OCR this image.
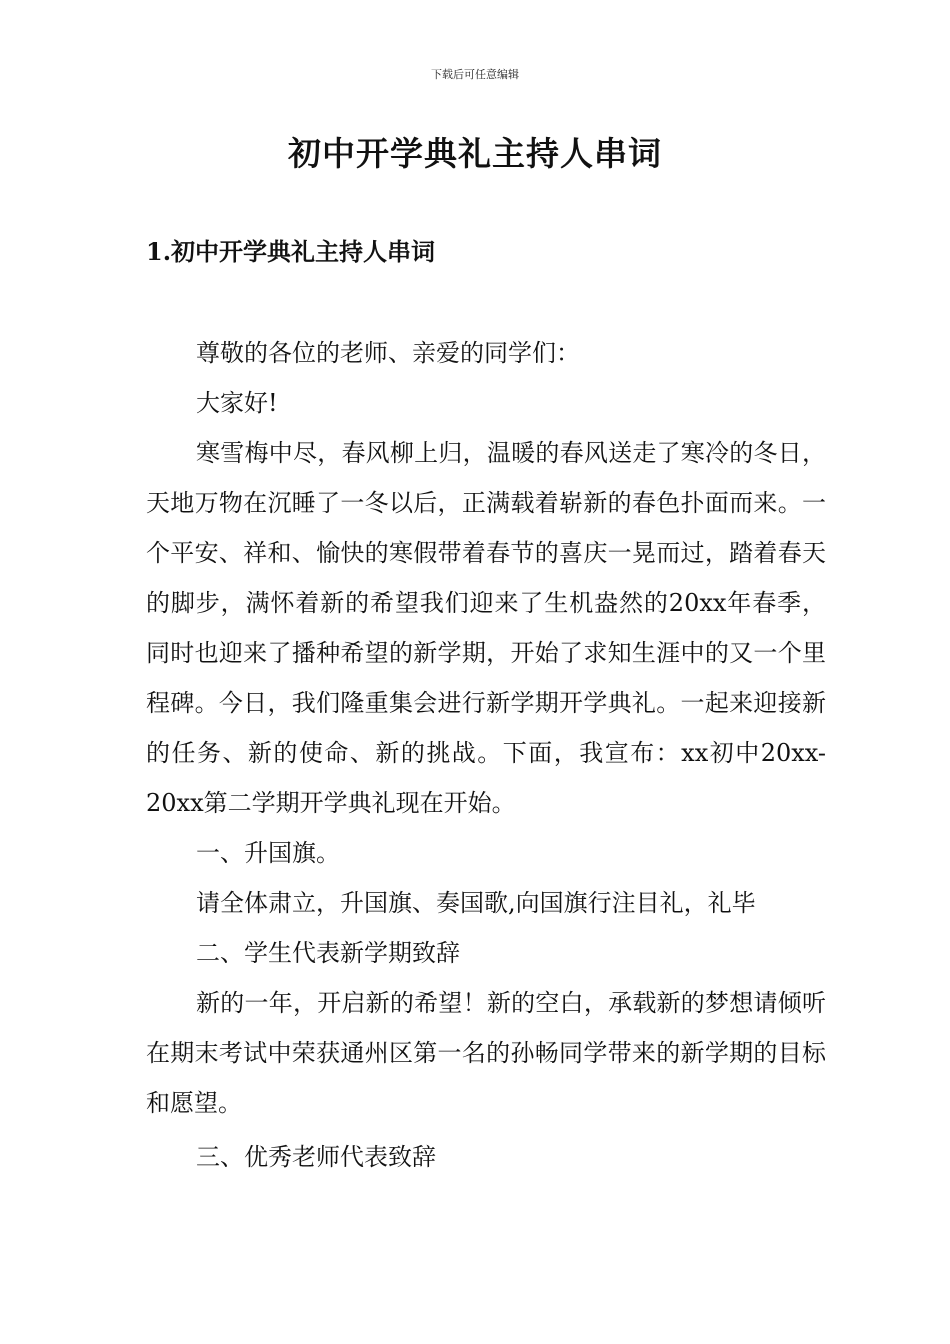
下载后可任意编辑
初中开学典礼主持人串词
1.初中开学典礼主持人串词

尊敬的各位的老师、亲爱的同学们：

大家好!

寒雪梅中尽，春风柳上归，温暖的春风送走了寒冷的冬日，天地万物在沉睡了一冬以后，正满载着崭新的春色扑面而来。一个平安、祥和、愉快的寒假带着春节的喜庆一晃而过，踏着春天的脚步，满怀着新的希望我们迎来了生机盎然的20xx年春季，同时也迎来了播种希望的新学期，开始了求知生涯中的又一个里程碑。今日，我们隆重集会进行新学期开学典礼。一起来迎接新的任务、新的使命、新的挑战。下面，我宣布：xx初中20xx-20xx第二学期开学典礼现在开始。

一、升国旗。

请全体肃立，升国旗、奏国歌,向国旗行注目礼，礼毕

二、学生代表新学期致辞

新的一年，开启新的希望！新的空白，承载新的梦想请倾听在期末考试中荣获通州区第一名的孙畅同学带来的新学期的目标和愿望。

三、优秀老师代表致辞
